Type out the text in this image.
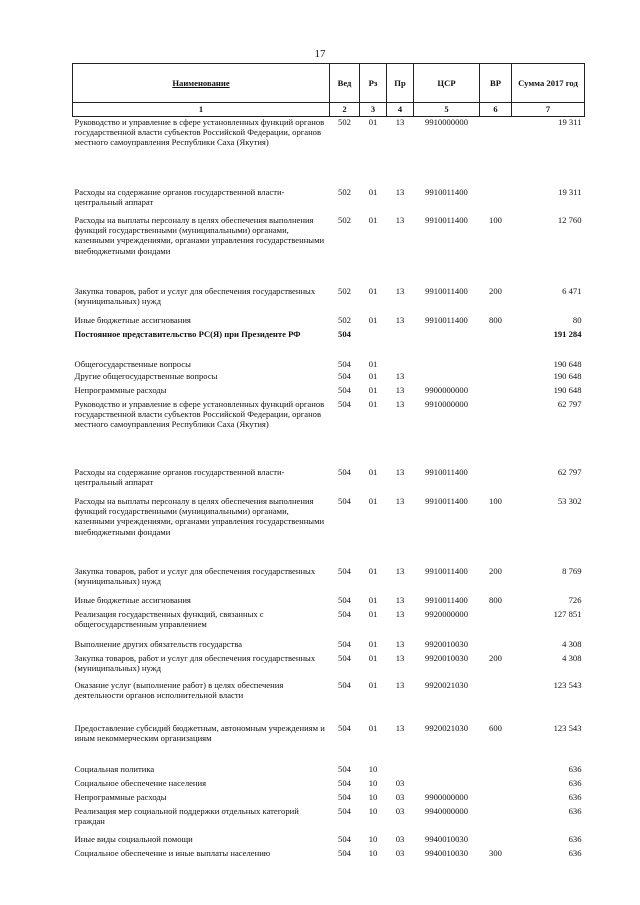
17
Наименование	Вед	Рз	Пр	ЦСР	ВР	Сумма 2017 год
1	2	3	4	5	6	7
Руководство и управление в сфере установленных функций органов государственной власти субъектов Российской Федерации, органов местного самоуправления Республики Саха (Якутия)	502	01	13	9910000000		19 311
Расходы на содержание органов государственной власти- центральный аппарат	502	01	13	9910011400		19 311
Расходы на выплаты персоналу в целях обеспечения выполнения функций государственными (муниципальными) органами, казенными учреждениями, органами управления государственными внебюджетными фондами	502	01	13	9910011400	100	12 760
Закупка товаров, работ и услуг для обеспечения государственных (муниципальных) нужд	502	01	13	9910011400	200	6 471
Иные бюджетные ассигнования	502	01	13	9910011400	800	80
Постоянное представительство РС(Я) при Президенте РФ	504					191 284
Общегосударственные вопросы	504	01				190 648
Другие общегосударственные вопросы	504	01	13			190 648
Непрограммные расходы	504	01	13	9900000000		190 648
Руководство и управление в сфере установленных функций органов государственной власти субъектов Российской Федерации, органов местного самоуправления Республики Саха (Якутия)	504	01	13	9910000000		62 797
Расходы на содержание органов государственной власти- центральный аппарат	504	01	13	9910011400		62 797
Расходы на выплаты персоналу в целях обеспечения выполнения функций государственными (муниципальными) органами, казенными учреждениями, органами управления государственными внебюджетными фондами	504	01	13	9910011400	100	53 302
Закупка товаров, работ и услуг для обеспечения государственных (муниципальных) нужд	504	01	13	9910011400	200	8 769
Иные бюджетные ассигнования	504	01	13	9910011400	800	726
Реализация государственных функций, связанных с общегосударственным управлением	504	01	13	9920000000		127 851
Выполнение других обязательств государства	504	01	13	9920010030		4 308
Закупка товаров, работ и услуг для обеспечения государственных (муниципальных) нужд	504	01	13	9920010030	200	4 308
Оказание услуг (выполнение работ) в целях обеспечения деятельности органов исполнительной власти	504	01	13	9920021030		123 543
Предоставление субсидий бюджетным, автономным учреждениям и иным некоммерческим организациям	504	01	13	9920021030	600	123 543
Социальная политика	504	10				636
Социальное обеспечение населения	504	10	03			636
Непрограммные расходы	504	10	03	9900000000		636
Реализация мер социальной поддержки отдельных категорий граждан	504	10	03	9940000000		636
Иные виды социальной помощи	504	10	03	9940010030		636
Социальное обеспечение и иные выплаты населению	504	10	03	9940010030	300	636
